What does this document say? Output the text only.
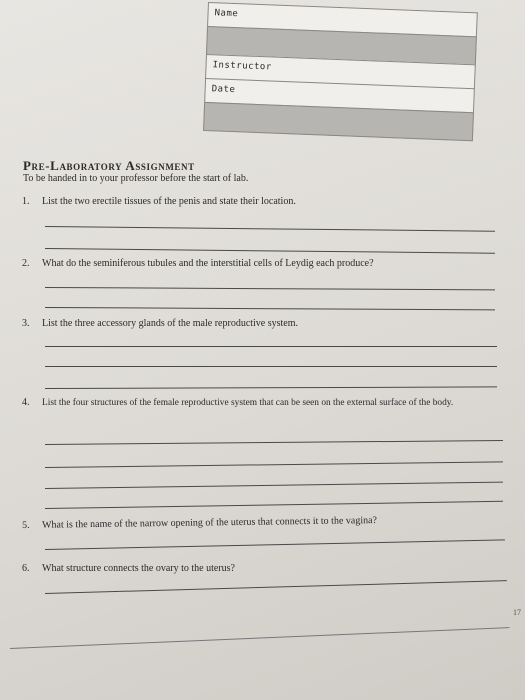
Name
Instructor
Date
Pre-Laboratory Assignment
To be handed in to your professor before the start of lab.
1. List the two erectile tissues of the penis and state their location.
2. What do the seminiferous tubules and the interstitial cells of Leydig each produce?
3. List the three accessory glands of the male reproductive system.
4. List the four structures of the female reproductive system that can be seen on the external surface of the body.
5. What is the name of the narrow opening of the uterus that connects it to the vagina?
6. What structure connects the ovary to the uterus?
17
